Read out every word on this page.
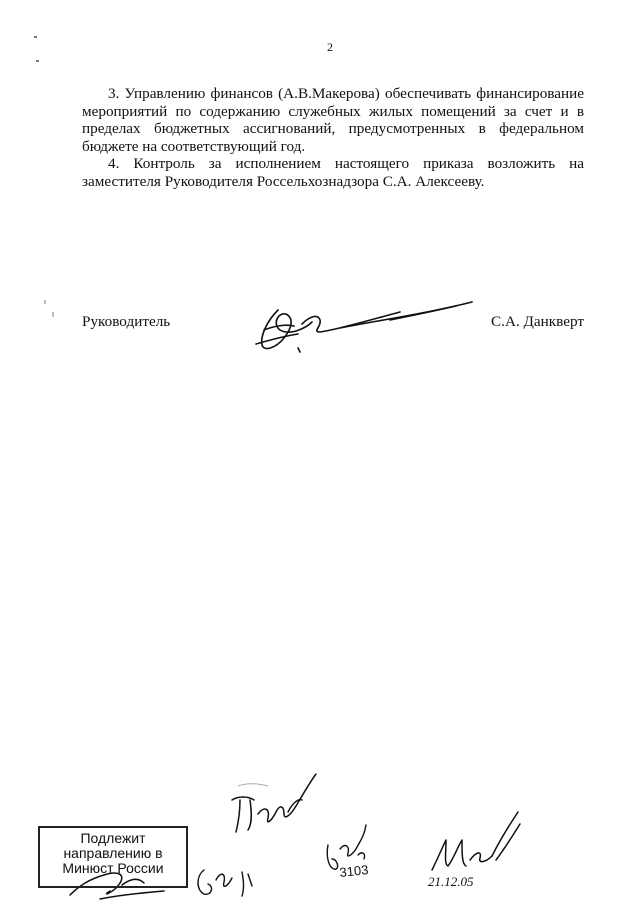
2

3. Управлению финансов (А.В.Макерова) обеспечивать финансирование мероприятий по содержанию служебных жилых помещений за счет и в пределах бюджетных ассигнований, предусмотренных в федеральном бюджете на соответствующий год.

4. Контроль за исполнением настоящего приказа возложить на заместителя Руководителя Россельхознадзора С.А. Алексееву.

Руководитель	С.А. Данкверт
3103
21.12.05
Подлежит
направлению в
Минюст России
